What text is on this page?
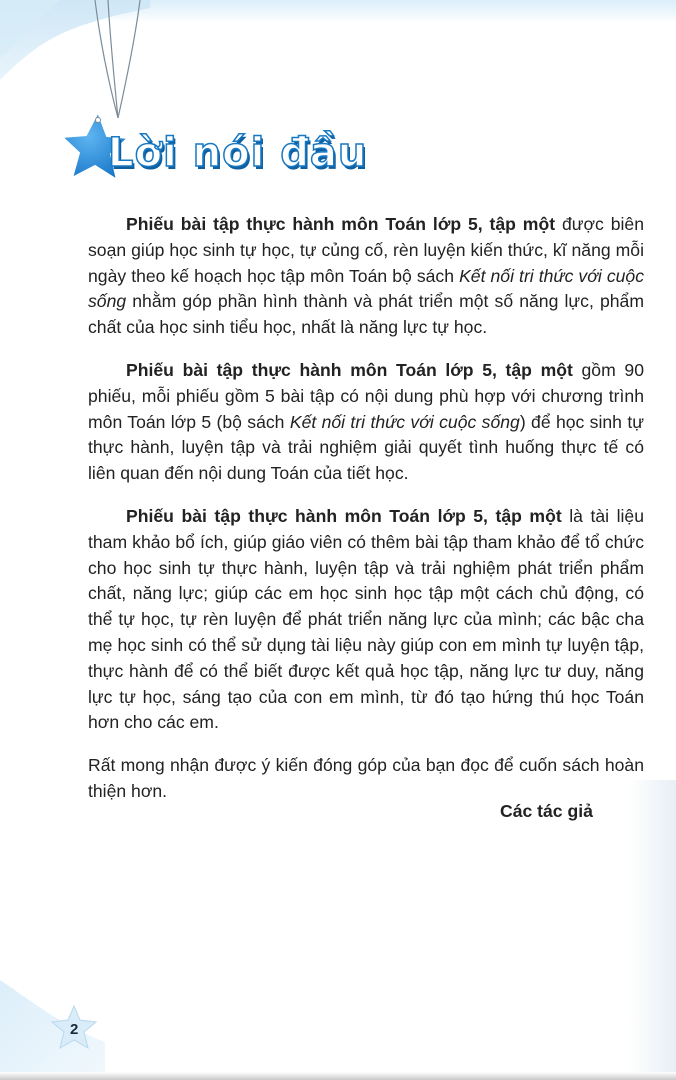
Lời nói đầu

Phiếu bài tập thực hành môn Toán lớp 5, tập một được biên soạn giúp học sinh tự học, tự củng cố, rèn luyện kiến thức, kĩ năng mỗi ngày theo kế hoạch học tập môn Toán bộ sách Kết nối tri thức với cuộc sống nhằm góp phần hình thành và phát triển một số năng lực, phẩm chất của học sinh tiểu học, nhất là năng lực tự học.

Phiếu bài tập thực hành môn Toán lớp 5, tập một gồm 90 phiếu, mỗi phiếu gồm 5 bài tập có nội dung phù hợp với chương trình môn Toán lớp 5 (bộ sách Kết nối tri thức với cuộc sống) để học sinh tự thực hành, luyện tập và trải nghiệm giải quyết tình huống thực tế có liên quan đến nội dung Toán của tiết học.

Phiếu bài tập thực hành môn Toán lớp 5, tập một là tài liệu tham khảo bổ ích, giúp giáo viên có thêm bài tập tham khảo để tổ chức cho học sinh tự thực hành, luyện tập và trải nghiệm phát triển phẩm chất, năng lực; giúp các em học sinh học tập một cách chủ động, có thể tự học, tự rèn luyện để phát triển năng lực của mình; các bậc cha mẹ học sinh có thể sử dụng tài liệu này giúp con em mình tự luyện tập, thực hành để có thể biết được kết quả học tập, năng lực tư duy, năng lực tự học, sáng tạo của con em mình, từ đó tạo hứng thú học Toán hơn cho các em.

Rất mong nhận được ý kiến đóng góp của bạn đọc để cuốn sách hoàn thiện hơn.

Các tác giả
2
